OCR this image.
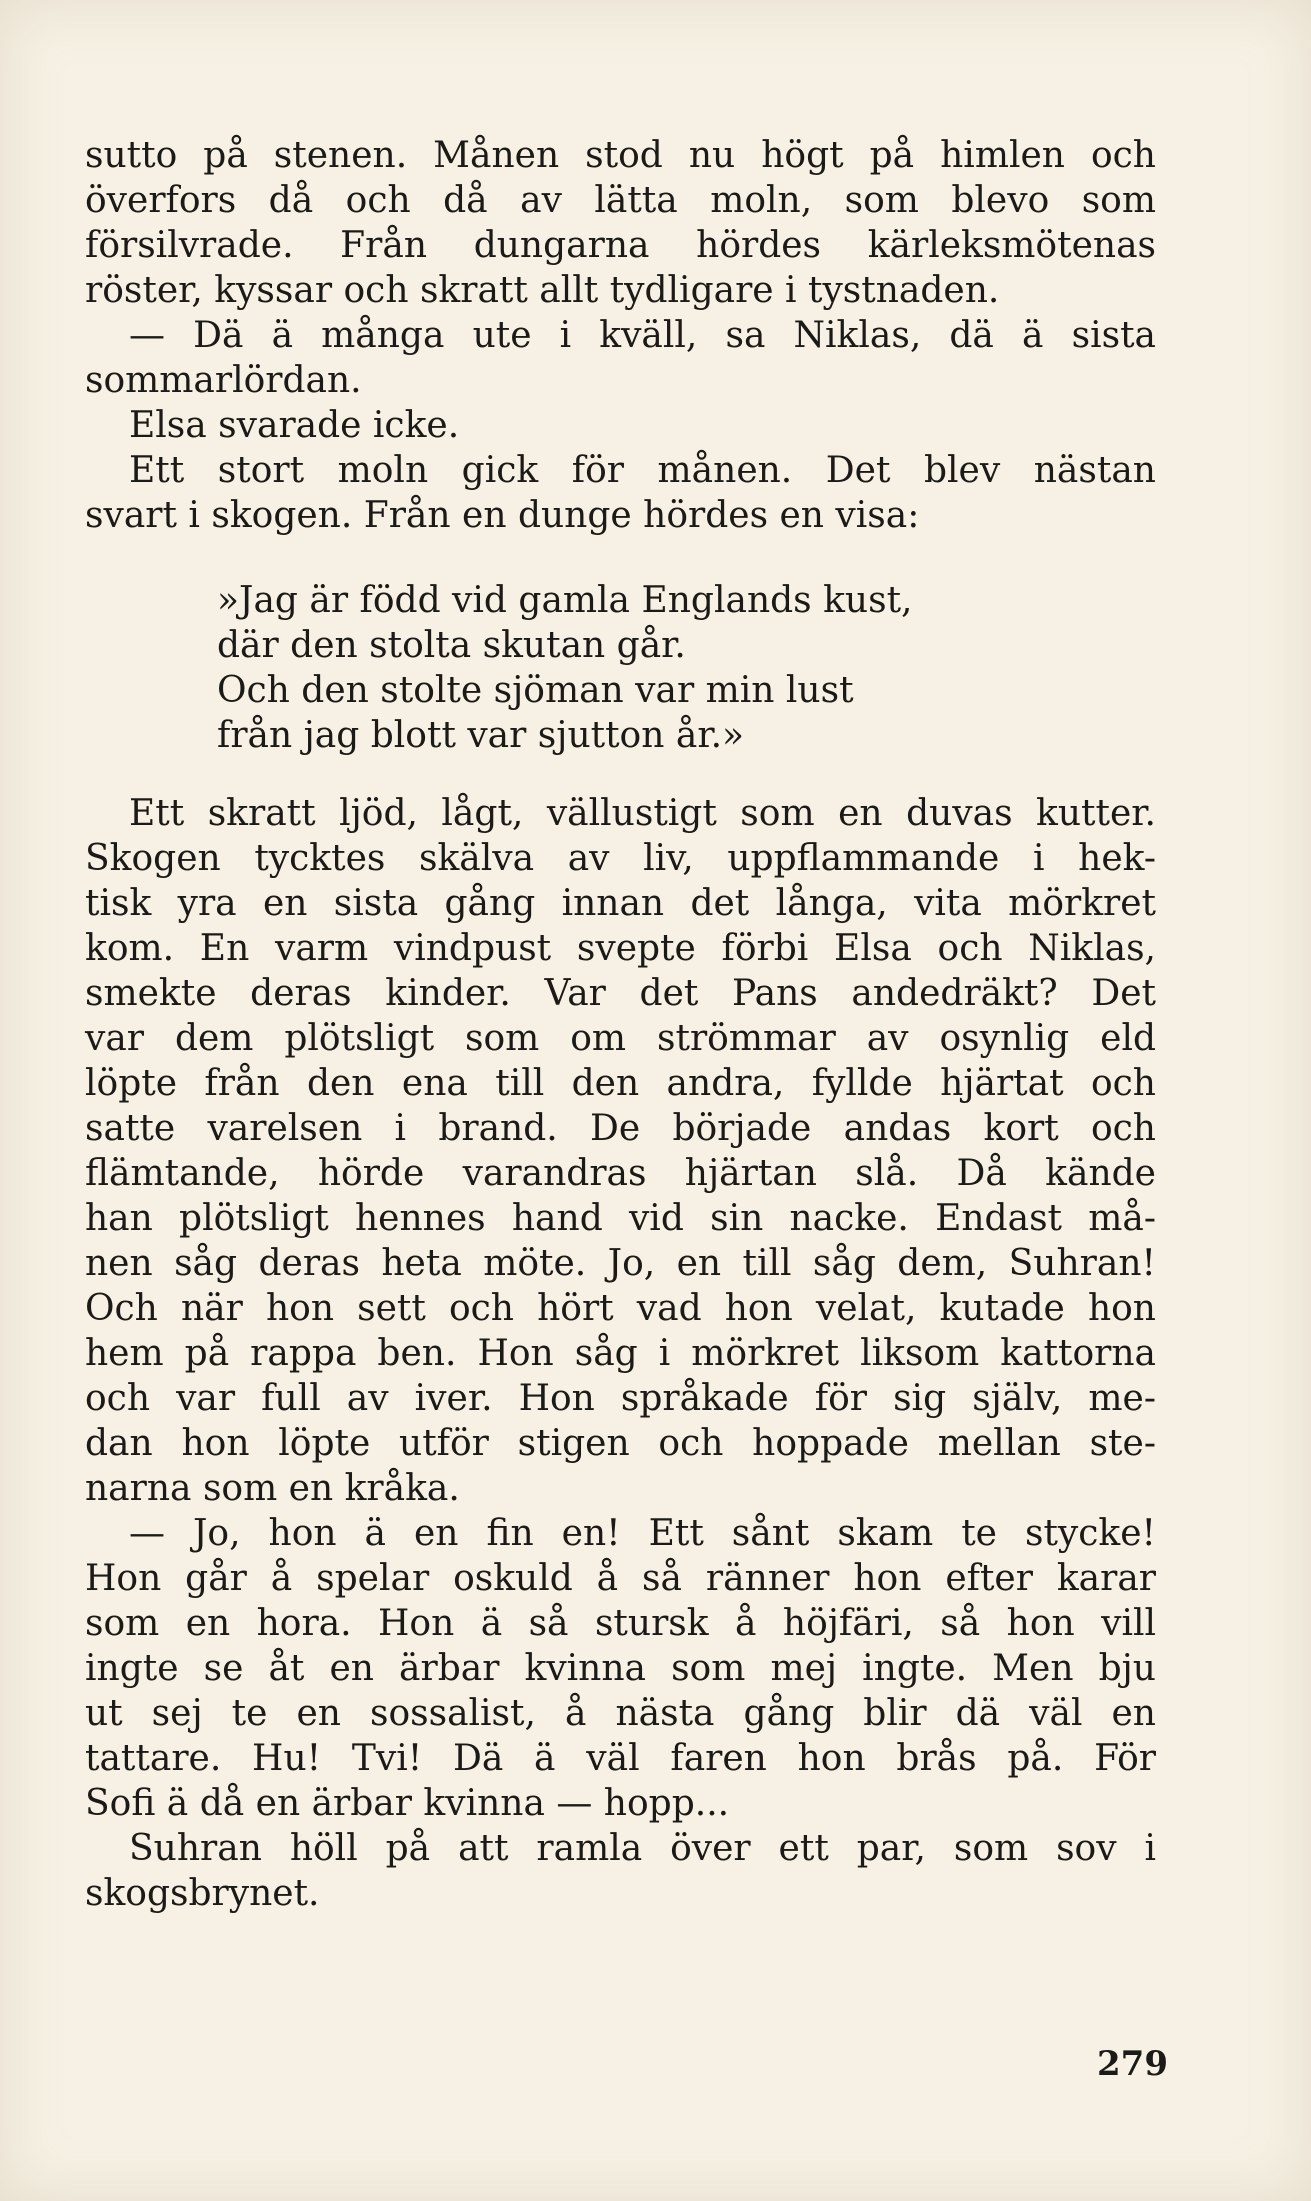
sutto på stenen. Månen stod nu högt på himlen och
överfors då och då av lätta moln, som blevo som
försilvrade. Från dungarna hördes kärleksmötenas
röster, kyssar och skratt allt tydligare i tystnaden.
— Dä ä många ute i kväll, sa Niklas, dä ä sista
sommarlördan.
Elsa svarade icke.
Ett stort moln gick för månen. Det blev nästan
svart i skogen. Från en dunge hördes en visa:
»Jag är född vid gamla Englands kust,
där den stolta skutan går.
Och den stolte sjöman var min lust
från jag blott var sjutton år.»
Ett skratt ljöd, lågt, vällustigt som en duvas kutter.
Skogen tycktes skälva av liv, uppflammande i hek-
tisk yra en sista gång innan det långa, vita mörkret
kom. En varm vindpust svepte förbi Elsa och Niklas,
smekte deras kinder. Var det Pans andedräkt? Det
var dem plötsligt som om strömmar av osynlig eld
löpte från den ena till den andra, fyllde hjärtat och
satte varelsen i brand. De började andas kort och
flämtande, hörde varandras hjärtan slå. Då kände
han plötsligt hennes hand vid sin nacke. Endast må-
nen såg deras heta möte. Jo, en till såg dem, Suhran!
Och när hon sett och hört vad hon velat, kutade hon
hem på rappa ben. Hon såg i mörkret liksom kattorna
och var full av iver. Hon språkade för sig själv, me-
dan hon löpte utför stigen och hoppade mellan ste-
narna som en kråka.
— Jo, hon ä en fin en! Ett sånt skam te stycke!
Hon går å spelar oskuld å så ränner hon efter karar
som en hora. Hon ä så stursk å höjfäri, så hon vill
ingte se åt en ärbar kvinna som mej ingte. Men bju
ut sej te en sossalist, å nästa gång blir dä väl en
tattare. Hu! Tvi! Dä ä väl faren hon brås på. För
Sofi ä då en ärbar kvinna — hopp...
Suhran höll på att ramla över ett par, som sov i
skogsbrynet.
279
